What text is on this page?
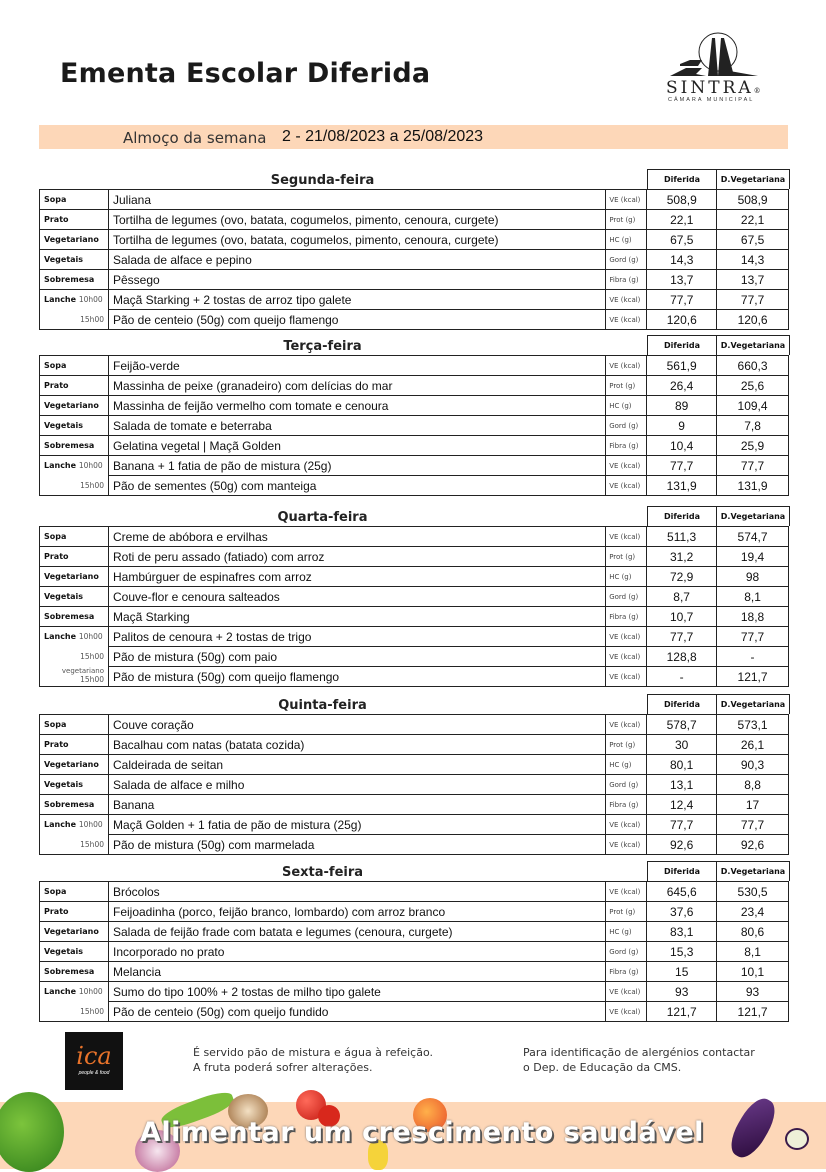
Ementa Escolar Diferida	SINTRA®
CÂMARA MUNICIPAL
Almoço da semana 2 - 21/08/2023 a 25/08/2023
Segunda-feira	Diferida	D.Vegetariana
Sopa	Juliana	VE (kcal)	508,9	508,9
Prato	Tortilha de legumes (ovo, batata, cogumelos, pimento, cenoura, curgete)	Prot (g)	22,1	22,1
Vegetariano	Tortilha de legumes (ovo, batata, cogumelos, pimento, cenoura, curgete)	HC (g)	67,5	67,5
Vegetais	Salada de alface e pepino	Gord (g)	14,3	14,3
Sobremesa	Pêssego	Fibra (g)	13,7	13,7
Lanche 10h00	Maçã Starking + 2 tostas de arroz tipo galete	VE (kcal)	77,7	77,7
15h00	Pão de centeio (50g) com queijo flamengo	VE (kcal)	120,6	120,6
Terça-feira	Diferida	D.Vegetariana
Sopa	Feijão-verde	VE (kcal)	561,9	660,3
Prato	Massinha de peixe (granadeiro) com delícias do mar	Prot (g)	26,4	25,6
Vegetariano	Massinha de feijão vermelho com tomate e cenoura	HC (g)	89	109,4
Vegetais	Salada de tomate e beterraba	Gord (g)	9	7,8
Sobremesa	Gelatina vegetal | Maçã Golden	Fibra (g)	10,4	25,9
Lanche 10h00	Banana + 1 fatia de pão de mistura (25g)	VE (kcal)	77,7	77,7
15h00	Pão de sementes (50g) com manteiga	VE (kcal)	131,9	131,9
Quarta-feira	Diferida	D.Vegetariana
Sopa	Creme de abóbora e ervilhas	VE (kcal)	511,3	574,7
Prato	Roti de peru assado (fatiado) com arroz	Prot (g)	31,2	19,4
Vegetariano	Hambúrguer de espinafres com arroz	HC (g)	72,9	98
Vegetais	Couve-flor e cenoura salteados	Gord (g)	8,7	8,1
Sobremesa	Maçã Starking	Fibra (g)	10,7	18,8
Lanche 10h00	Palitos de cenoura + 2 tostas de trigo	VE (kcal)	77,7	77,7
15h00	Pão de mistura (50g) com paio	VE (kcal)	128,8	-

vegetariano
15h00	Pão de mistura (50g) com queijo flamengo	VE (kcal)	-	121,7
Quinta-feira	Diferida	D.Vegetariana
Sopa	Couve coração	VE (kcal)	578,7	573,1
Prato	Bacalhau com natas (batata cozida)	Prot (g)	30	26,1
Vegetariano	Caldeirada de seitan	HC (g)	80,1	90,3
Vegetais	Salada de alface e milho	Gord (g)	13,1	8,8
Sobremesa	Banana	Fibra (g)	12,4	17
Lanche 10h00	Maçã Golden + 1 fatia de pão de mistura (25g)	VE (kcal)	77,7	77,7
15h00	Pão de mistura (50g) com marmelada	VE (kcal)	92,6	92,6
Sexta-feira	Diferida	D.Vegetariana
Sopa	Brócolos	VE (kcal)	645,6	530,5
Prato	Feijoadinha (porco, feijão branco, lombardo) com arroz branco	Prot (g)	37,6	23,4
Vegetariano	Salada de feijão frade com batata e legumes (cenoura, curgete)	HC (g)	83,1	80,6
Vegetais	Incorporado no prato	Gord (g)	15,3	8,1
Sobremesa	Melancia	Fibra (g)	15	10,1
Lanche 10h00	Sumo do tipo 100% + 2 tostas de milho tipo galete	VE (kcal)	93	93
15h00	Pão de centeio (50g) com queijo fundido	VE (kcal)	121,7	121,7
ica
people & food
É servido pão de mistura e água à refeição.
A fruta poderá sofrer alterações.
Para identificação de alergénios contactar
o Dep. de Educação da CMS.
Alimentar um crescimento saudável
